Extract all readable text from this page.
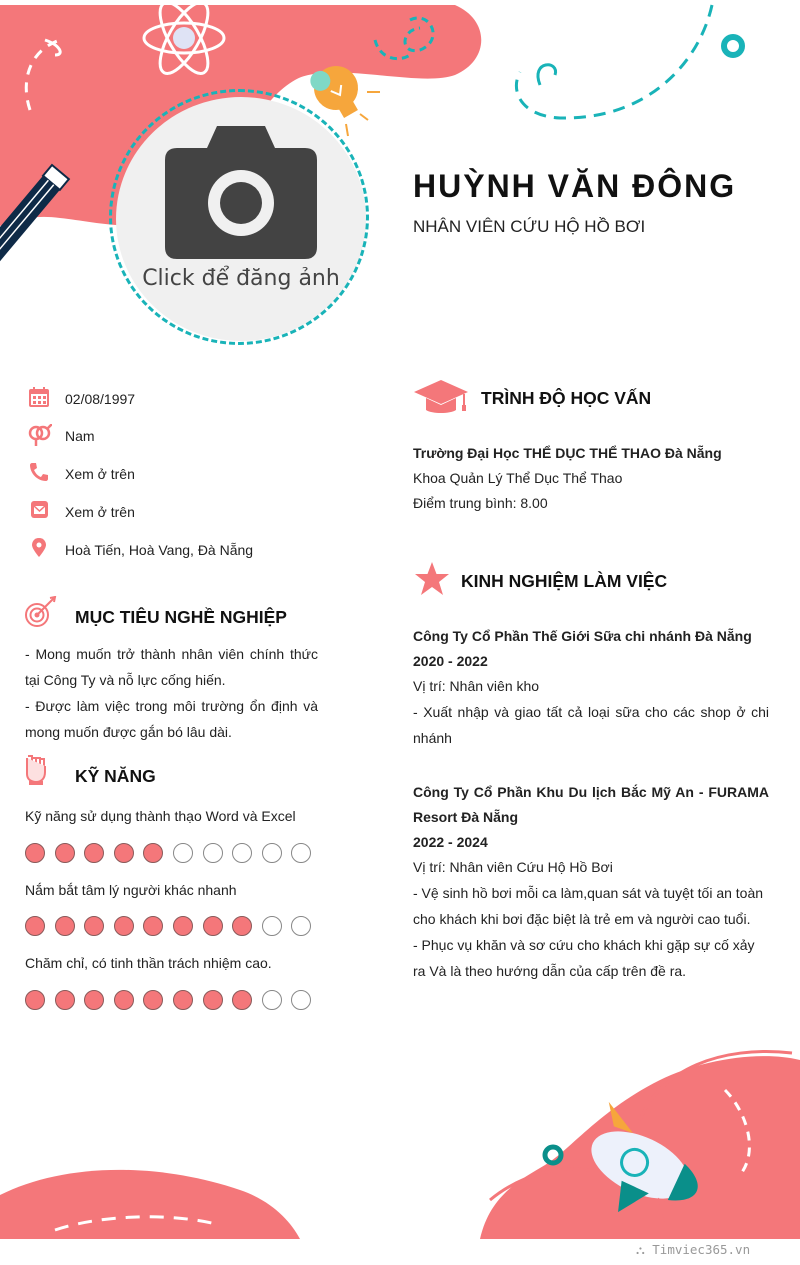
Click để đăng ảnh
HUỲNH VĂN ĐÔNG
NHÂN VIÊN CỨU HỘ HỒ BƠI
02/08/1997
Nam
Xem ở trên
Xem ở trên
Hoà Tiến, Hoà Vang, Đà Nẵng
MỤC TIÊU NGHỀ NGHIỆP
- Mong muốn trở thành nhân viên chính thức tại Công Ty và nỗ lực cống hiến.
- Được làm việc trong môi trường ổn định và mong muốn được gắn bó lâu dài.
KỸ NĂNG
Kỹ năng sử dụng thành thạo Word và Excel
Nắm bắt tâm lý người khác nhanh
Chăm chỉ, có tinh thần trách nhiệm cao.
TRÌNH ĐỘ HỌC VẤN
Trường Đại Học THỂ DỤC THỂ THAO Đà Nẵng
Khoa Quản Lý Thể Dục Thể Thao
Điểm trung bình: 8.00
KINH NGHIỆM LÀM VIỆC
Công Ty Cổ Phần Thế Giới Sữa chi nhánh Đà Nẵng
2020 - 2022
Vị trí: Nhân viên kho
- Xuất nhập và giao tất cả loại sữa cho các shop ở chi nhánh
Công Ty Cổ Phần Khu Du lịch Bắc Mỹ An - FURAMA Resort Đà Nẵng
2022 - 2024
Vị trí: Nhân viên Cứu Hộ Hồ Bơi
- Vệ sinh hồ bơi mỗi ca làm,quan sát và tuyệt tối an toàn cho khách khi bơi đặc biệt là trẻ em và người cao tuổi.
- Phục vụ khăn và sơ cứu cho khách khi gặp sự cố xảy ra Và là theo hướng dẫn của cấp trên đề ra.
⛬ Timviec365.vn
